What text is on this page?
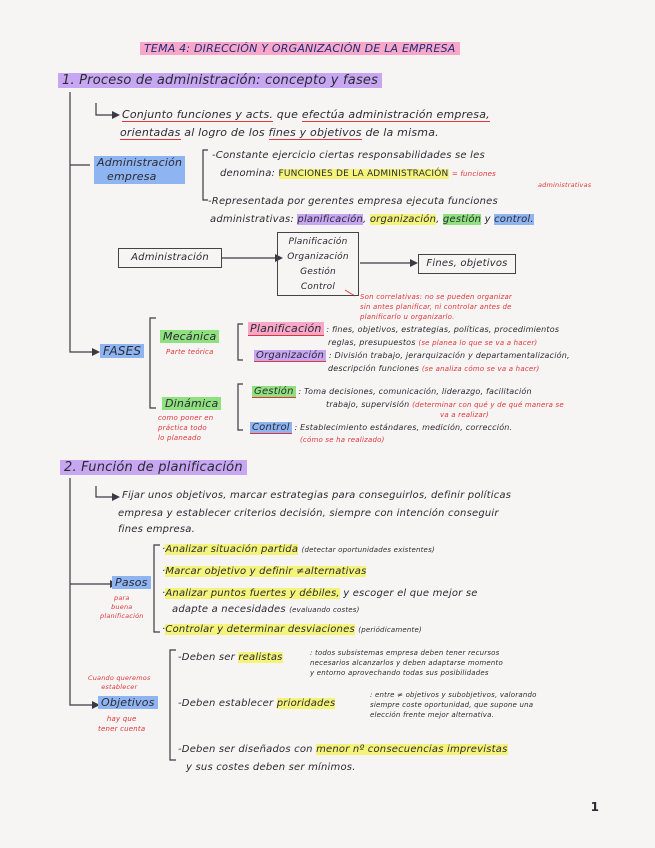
TEMA 4: DIRECCIÓN Y ORGANIZACIÓN DE LA EMPRESA
1. Proceso de administración: concepto y fases
Conjunto funciones y acts. que efectúa administración empresa,
orientadas al logro de los fines y objetivos de la misma.
Administración
empresa
-Constante ejercicio ciertas responsabilidades se les
denomina: FUNCIONES DE LA ADMINISTRACIÓN = funciones
administrativas
-Representada por gerentes empresa ejecuta funciones
administrativas: planificación, organización, gestión y control.
Administración
Planificación
Organización
Gestión
Control
Fines, objetivos
Son correlativas: no se pueden organizar
sin antes planificar, ni controlar antes de
planificarlo u organizarlo.
FASES
Mecánica
Parte teórica
Dinámica
como poner en
práctica todo
lo planeado
Planificación : fines, objetivos, estrategias, políticas, procedimientos
reglas, presupuestos (se planea lo que se va a hacer)
Organización : División trabajo, jerarquización y departamentalización,
descripción funciones (se analiza cómo se va a hacer)
Gestión : Toma decisiones, comunicación, liderazgo, facilitación
trabajo, supervisión (determinar con qué y de qué manera se
va a realizar)
Control : Establecimiento estándares, medición, corrección.
(cómo se ha realizado)
2. Función de planificación
Fijar unos objetivos, marcar estrategias para conseguirlos, definir políticas
empresa y establecer criterios decisión, siempre con intención conseguir
fines empresa.
Pasos
para
buena
planificación
·Analizar situación partida (detectar oportunidades existentes)
·Marcar objetivo y definir ≠alternativas
·Analizar puntos fuertes y débiles, y escoger el que mejor se
adapte a necesidades (evaluando costes)
·Controlar y determinar desviaciones (periódicamente)
Cuando queremos
establecer
Objetivos
hay que
tener cuenta
-Deben ser realistas	: todos subsistemas empresa deben tener recursos
necesarios alcanzarlos y deben adaptarse momento
y entorno aprovechando todas sus posibilidades
-Deben establecer prioridades
: entre ≠ objetivos y subobjetivos, valorando
siempre coste oportunidad, que supone una
elección frente mejor alternativa.
-Deben ser diseñados con menor nº consecuencias imprevistas
y sus costes deben ser mínimos.
1
